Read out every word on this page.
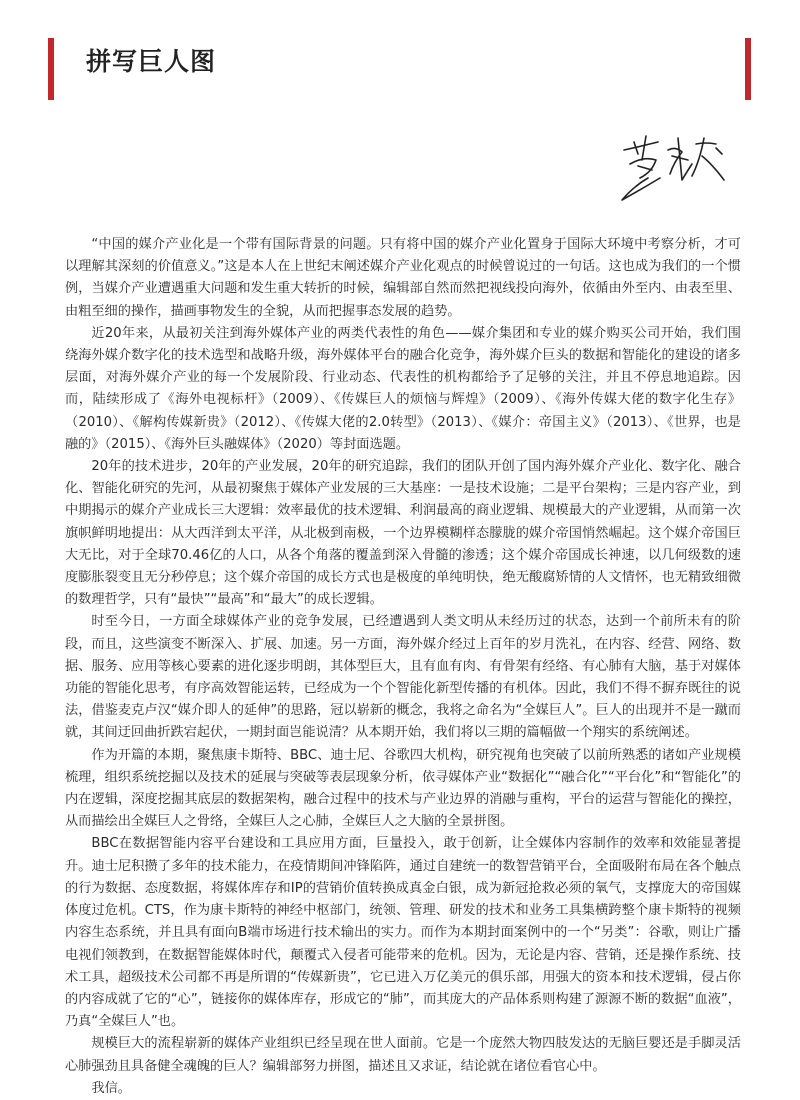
拼写巨人图

“中国的媒介产业化是一个带有国际背景的问题。只有将中国的媒介产业化置身于国际大环境中考察分析，才可以理解其深刻的价值意义。”这是本人在上世纪末阐述媒介产业化观点的时候曾说过的一句话。这也成为我们的一个惯例，当媒介产业遭遇重大问题和发生重大转折的时候，编辑部自然而然把视线投向海外，依循由外至内、由表至里、由粗至细的操作，描画事物发生的全貌，从而把握事态发展的趋势。

近20年来，从最初关注到海外媒体产业的两类代表性的角色——媒介集团和专业的媒介购买公司开始，我们围绕海外媒介数字化的技术选型和战略升级，海外媒体平台的融合化竞争，海外媒介巨头的数据和智能化的建设的诸多层面，对海外媒介产业的每一个发展阶段、行业动态、代表性的机构都给予了足够的关注，并且不停息地追踪。因而，陆续形成了《海外电视标杆》（2009）、《传媒巨人的烦恼与辉煌》（2009）、《海外传媒大佬的数字化生存》（2010）、《解构传媒新贵》（2012）、《传媒大佬的2.0转型》（2013）、《媒介：帝国主义》（2013）、《世界，也是融的》（2015）、《海外巨头融媒体》（2020）等封面选题。

20年的技术进步，20年的产业发展，20年的研究追踪，我们的团队开创了国内海外媒介产业化、数字化、融合化、智能化研究的先河，从最初聚焦于媒体产业发展的三大基座：一是技术设施；二是平台架构；三是内容产业，到中期揭示的媒介产业成长三大逻辑：效率最优的技术逻辑、利润最高的商业逻辑、规模最大的产业逻辑，从而第一次旗帜鲜明地提出：从大西洋到太平洋，从北极到南极，一个边界模糊样态朦胧的媒介帝国悄然崛起。这个媒介帝国巨大无比，对于全球70.46亿的人口，从各个角落的覆盖到深入骨髓的渗透；这个媒介帝国成长神速，以几何级数的速度膨胀裂变且无分秒停息；这个媒介帝国的成长方式也是极度的单纯明快，绝无酸腐矫情的人文情怀，也无精致细微的数理哲学，只有“最快”“最高”和“最大”的成长逻辑。

时至今日，一方面全球媒体产业的竞争发展，已经遭遇到人类文明从未经历过的状态，达到一个前所未有的阶段，而且，这些演变不断深入、扩展、加速。另一方面，海外媒介经过上百年的岁月洗礼，在内容、经营、网络、数据、服务、应用等核心要素的进化逐步明朗，其体型巨大，且有血有肉、有骨架有经络、有心肺有大脑，基于对媒体功能的智能化思考，有序高效智能运转，已经成为一个个智能化新型传播的有机体。因此，我们不得不摒弃既往的说法，借鉴麦克卢汉“媒介即人的延伸”的思路，冠以崭新的概念，我将之命名为“全媒巨人”。巨人的出现并不是一蹴而就，其间迂回曲折跌宕起伏，一期封面岂能说清？从本期开始，我们将以三期的篇幅做一个翔实的系统阐述。

作为开篇的本期，聚焦康卡斯特、BBC、迪士尼、谷歌四大机构，研究视角也突破了以前所熟悉的诸如产业规模梳理，组织系统挖掘以及技术的延展与突破等表层现象分析，依寻媒体产业“数据化”“融合化”“平台化”和“智能化”的内在逻辑，深度挖掘其底层的数据架构，融合过程中的技术与产业边界的消融与重构，平台的运营与智能化的操控，从而描绘出全媒巨人之骨络，全媒巨人之心肺，全媒巨人之大脑的全景拼图。

BBC在数据智能内容平台建设和工具应用方面，巨量投入，敢于创新，让全媒体内容制作的效率和效能显著提升。迪士尼积攒了多年的技术能力，在疫情期间冲锋陷阵，通过自建统一的数智营销平台，全面吸附布局在各个触点的行为数据、态度数据，将媒体库存和IP的营销价值转换成真金白银，成为新冠抢救必须的氧气，支撑庞大的帝国媒体度过危机。CTS，作为康卡斯特的神经中枢部门，统领、管理、研发的技术和业务工具集横跨整个康卡斯特的视频内容生态系统，并且具有面向B端市场进行技术输出的实力。而作为本期封面案例中的一个“另类”：谷歌，则让广播电视们领教到，在数据智能媒体时代，颠覆式入侵者可能带来的危机。因为，无论是内容、营销，还是操作系统、技术工具，超级技术公司都不再是所谓的“传媒新贵”，它已进入万亿美元的俱乐部，用强大的资本和技术逻辑，侵占你的内容成就了它的“心”，链接你的媒体库存，形成它的“肺”，而其庞大的产品体系则构建了源源不断的数据“血液”，乃真“全媒巨人”也。

规模巨大的流程崭新的媒体产业组织已经呈现在世人面前。它是一个庞然大物四肢发达的无脑巨婴还是手脚灵活心肺强劲且具备健全魂魄的巨人？编辑部努力拼图，描述且又求证，结论就在诸位看官心中。

我信。
